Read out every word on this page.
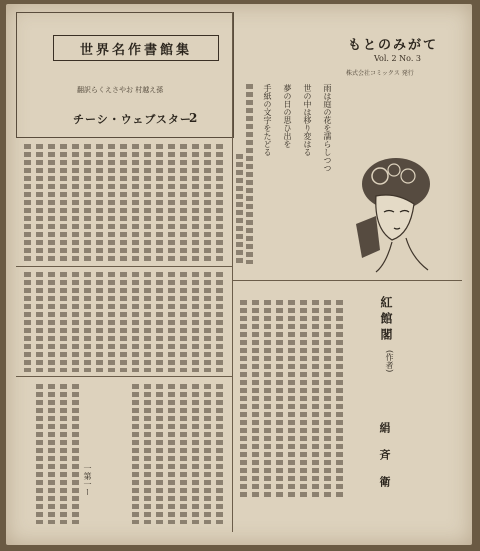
世界名作書館集
翻訳らくえさやお 村越え孫
チーシ・ウェブスター
2
もとのみがて
Vol. 2 No. 3
株式会社コミックス 発行
一第一ー
雨は庭の花を濡らしつつ
世の中は移り変はる
夢の日の思ひ出を
手紙の文字をたどる
紅館閣
(作者)
絹 斉 衛
